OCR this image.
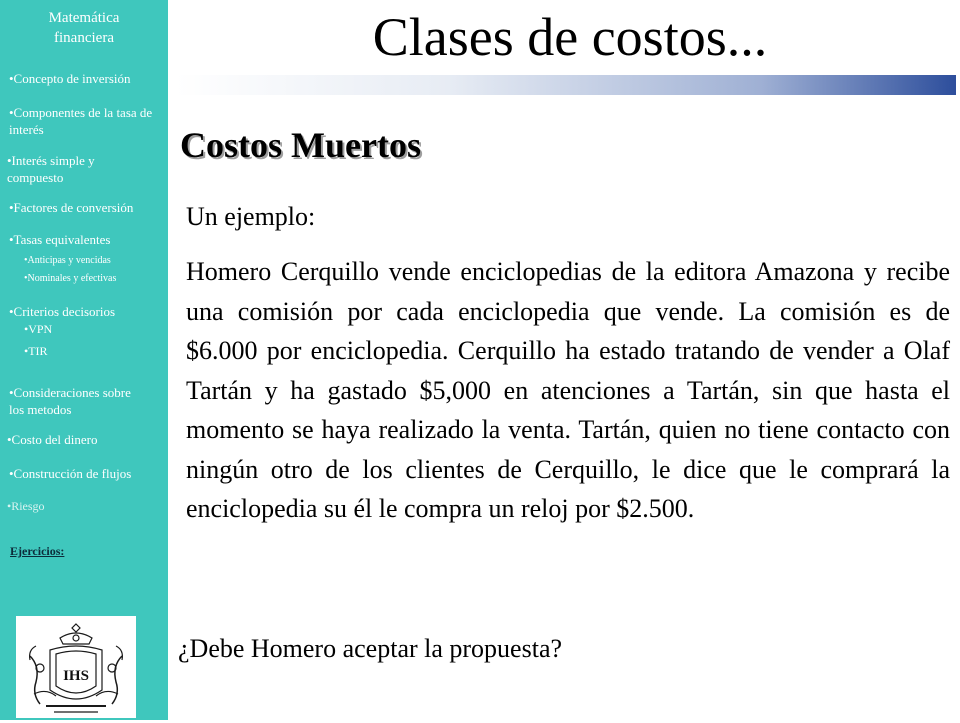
Matemática
financiera
•Concepto de inversión
•Componentes de la tasa de
interés
•Interés simple y
compuesto
•Factores de conversión
•Tasas equivalentes
•Anticipas y vencidas
•Nominales y efectivas
•Criterios decisorios
•VPN
•TIR
•Consideraciones sobre
los metodos
•Costo del dinero
•Construcción de flujos
•Riesgo
Ejercicios:
IHS
Clases de costos...
Costos Muertos
Un ejemplo:
Homero Cerquillo vende enciclopedias de la editora Amazona y recibe una comisión por cada enciclopedia que vende. La comisión es de $6.000 por enciclopedia. Cerquillo ha estado tratando de vender a Olaf Tartán y ha gastado $5,000 en atenciones a Tartán, sin que hasta el momento se haya realizado la venta. Tartán, quien no tiene contacto con ningún otro de los clientes de Cerquillo, le dice que le comprará la enciclopedia su él le compra un reloj por $2.500.
¿Debe Homero aceptar la propuesta?
